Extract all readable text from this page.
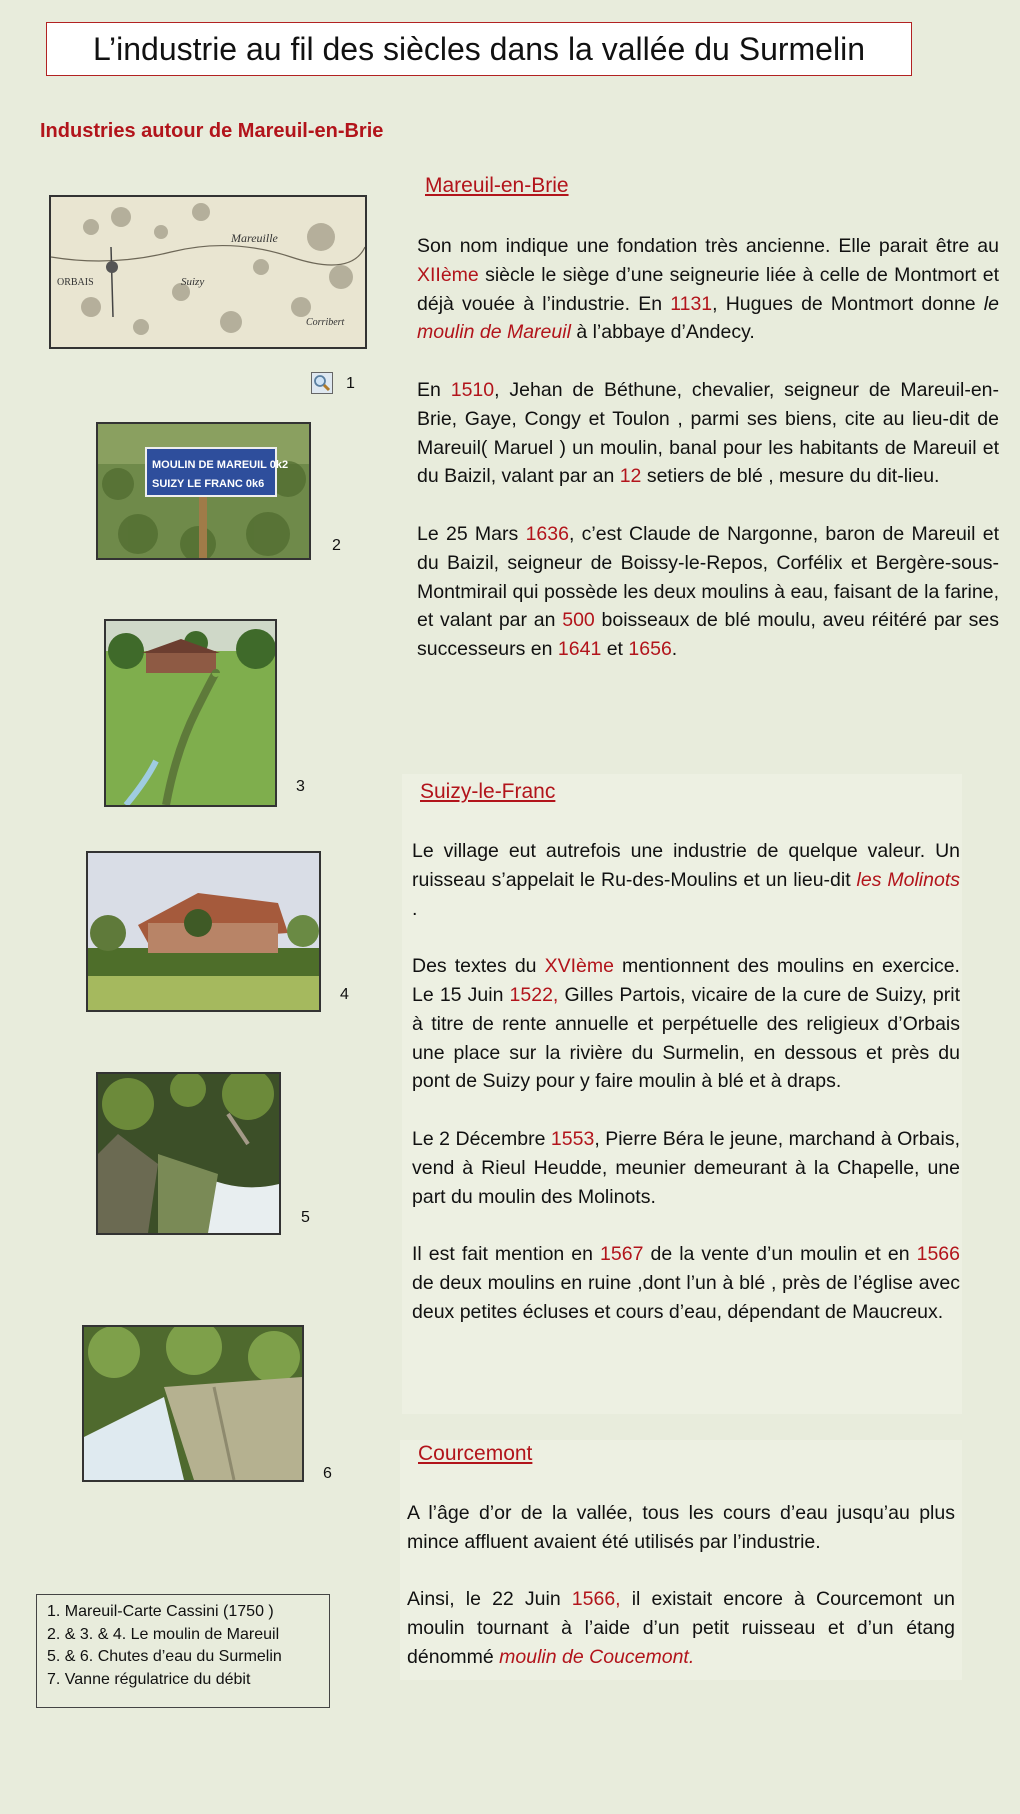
L’industrie au fil des siècles dans la vallée du Surmelin
Industries autour de Mareuil-en-Brie
Mareuille
ORBAIS	Suizy
Corribert
1
MOULIN DE MAREUIL 0k2
SUIZY LE FRANC 0k6
2
3
4
5
6
1. Mareuil-Carte Cassini (1750 )
2. & 3. & 4. Le moulin de Mareuil
5. & 6. Chutes d’eau du Surmelin
7. Vanne régulatrice du débit
Mareuil-en-Brie

Son nom indique une fondation très ancienne. Elle parait être au XIIème siècle le siège d’une seigneurie liée à celle de Montmort et déjà vouée à l’industrie. En 1131, Hugues de Montmort donne le moulin de Mareuil à l’abbaye d’Andecy.

En 1510, Jehan de Béthune, chevalier, seigneur de Mareuil-en-Brie, Gaye, Congy et Toulon , parmi ses biens, cite au lieu-dit de Mareuil( Maruel ) un moulin, banal pour les habitants de Mareuil et du Baizil, valant par an 12 setiers de blé , mesure du dit-lieu.

Le 25 Mars 1636, c’est Claude de Nargonne, baron de Mareuil et du Baizil, seigneur de Boissy-le-Repos, Corfélix et Bergère-sous-Montmirail qui possède les deux moulins à eau, faisant de la farine, et valant par an 500 boisseaux de blé moulu, aveu réitéré par ses successeurs en 1641 et 1656.

Suizy-le-Franc

Le village eut autrefois une industrie de quelque valeur. Un ruisseau s’appelait le Ru-des-Moulins et un lieu-dit les Molinots .

Des textes du XVIème mentionnent des moulins en exercice. Le 15 Juin 1522, Gilles Partois, vicaire de la cure de Suizy, prit à titre de rente annuelle et perpétuelle des religieux d’Orbais une place sur la rivière du Surmelin, en dessous et près du pont de Suizy pour y faire moulin à blé et à draps.

Le 2 Décembre 1553, Pierre Béra le jeune, marchand à Orbais, vend à Rieul Heudde, meunier demeurant à la Chapelle, une part du moulin des Molinots.

Il est fait mention en 1567 de la vente d’un moulin et en 1566 de deux moulins en ruine ,dont l’un à blé , près de l’église avec deux petites écluses et cours d’eau, dépendant de Maucreux.

Courcemont

A l’âge d’or de la vallée, tous les cours d’eau jusqu’au plus mince affluent avaient été utilisés par l’industrie.

Ainsi, le 22 Juin 1566, il existait encore à Courcemont un moulin tournant à l’aide d’un petit ruisseau et d’un étang dénommé moulin de Coucemont.
